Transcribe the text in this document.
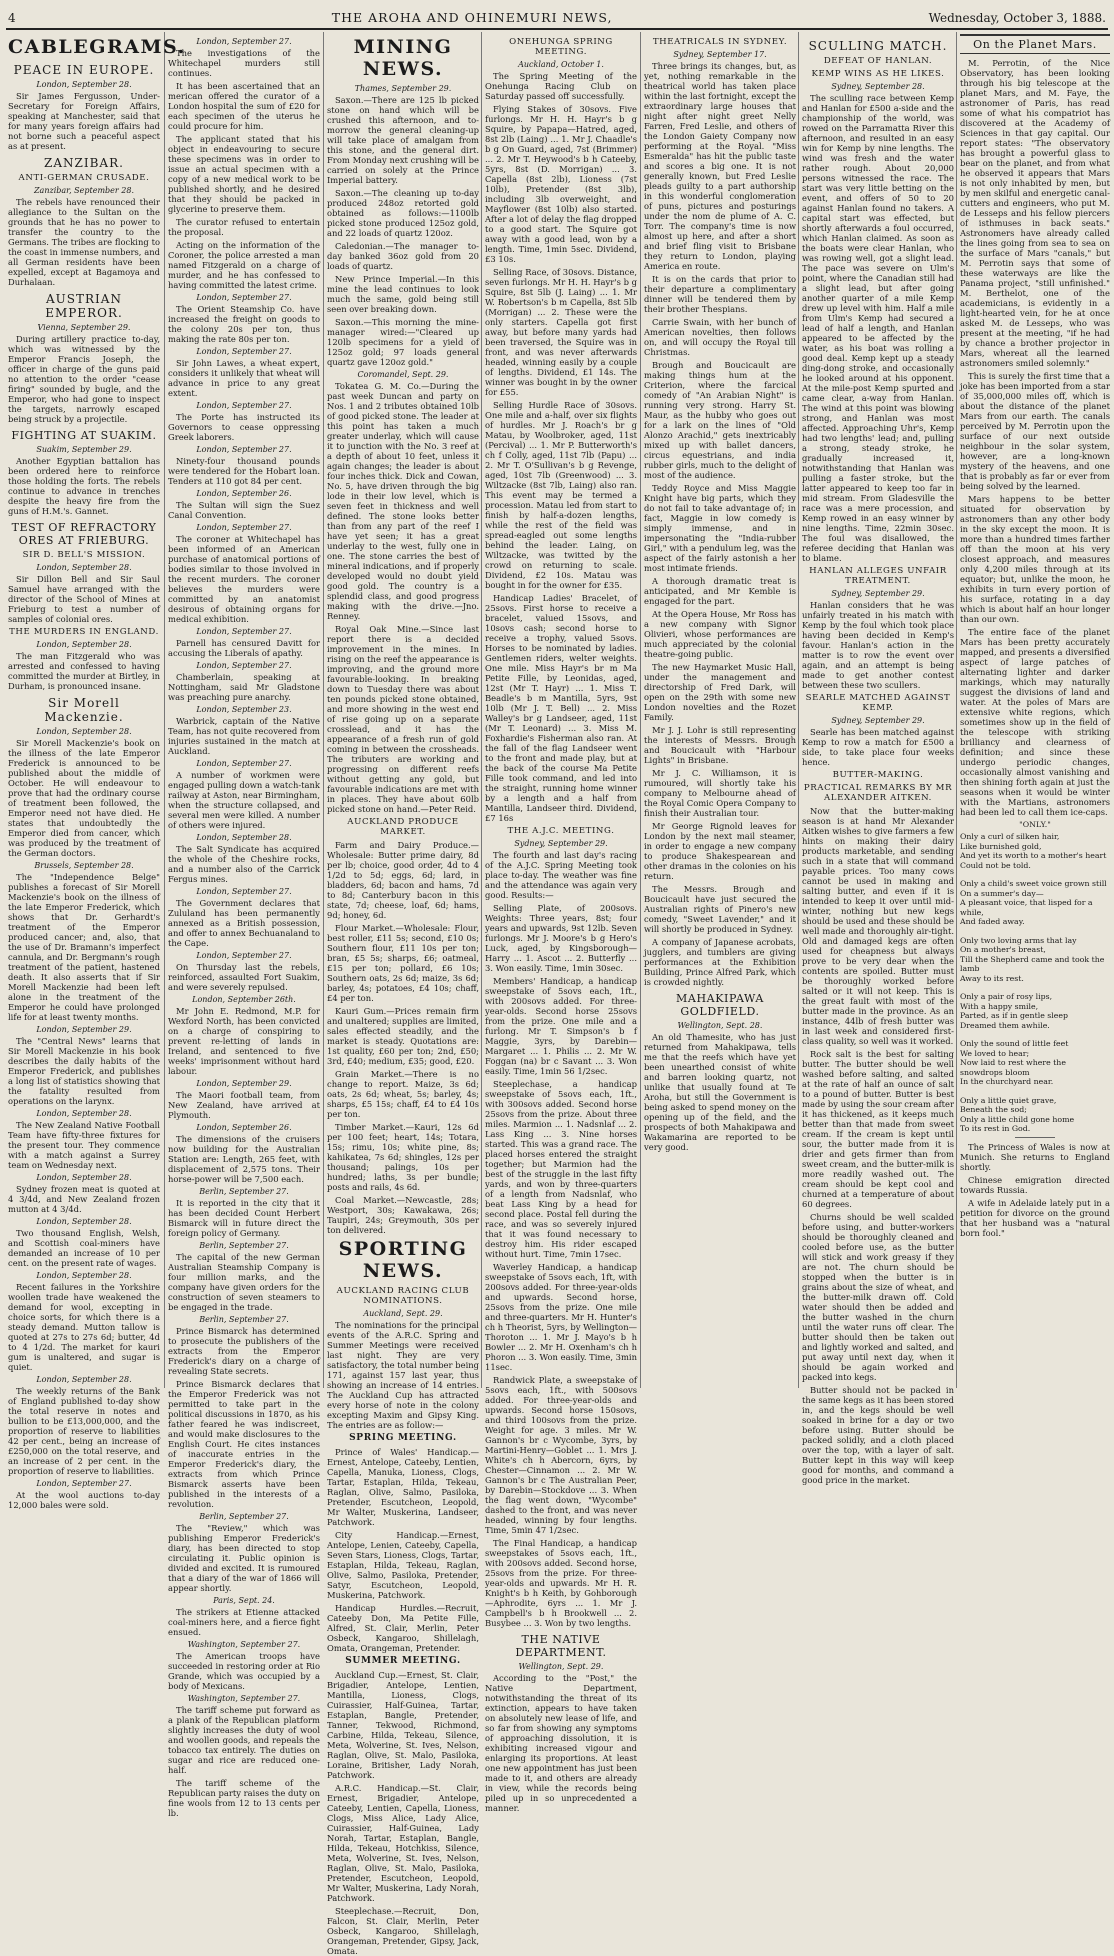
4	THE AROHA AND OHINEMURI NEWS,	Wednesday, October 3, 1888.
CABLEGRAMS.
PEACE IN EUROPE.

London, September 28.

Sir James Fergusson, Under-Secretary for Foreign Affairs, speaking at Manchester, said that for many years foreign affairs had not borne such a peaceful aspect as at present.

ZANZIBAR.
ANTI-GERMAN CRUSADE.

Zanzibar, September 28.

The rebels have renounced their allegiance to the Sultan on the grounds that he has no power to transfer the country to the Germans. The tribes are flocking to the coast in immense numbers, and all German residents have been expelled, except at Bagamoya and Durhalaan.

AUSTRIAN EMPEROR.

Vienna, September 29.

During artillery practice to-day, which was witnessed by the Emperor Francis Joseph, the officer in charge of the guns paid no attention to the order "cease firing" sounded by bugle, and the Emperor, who had gone to inspect the targets, narrowly escaped being struck by a projectile.

FIGHTING AT SUAKIM.

Suakim, September 29.

Another Egyptian battalion has been ordered here to reinforce those holding the forts. The rebels continue to advance in trenches despite the heavy fire from the guns of H.M.'s. Gannet.

TEST OF REFRACTORY ORES AT FRIEBURG.
SIR D. BELL'S MISSION.

London, September 28.

Sir Dillon Bell and Sir Saul Samuel have arranged with the director of the School of Mines at Frieburg to test a number of samples of colonial ores.

THE MURDERS IN ENGLAND.

London, September 28.

The man Fitzgerald who was arrested and confessed to having committed the murder at Birtley, in Durham, is pronounced insane.

Sir Morell Mackenzie.

London, September 28.

Sir Morell Mackenzie's book on the illness of the late Emperor Frederick is announced to be published about the middle of October. He will endeavour to prove that had the ordinary course of treatment been followed, the Emperor need not have died. He states that undoubtedly the Emperor died from cancer, which was produced by the treatment of the German doctors.

Brussels, September 28.

The "Independence Belge" publishes a forecast of Sir Morell Mackenzie's book on the illness of the late Emperor Frederick, which shows that Dr. Gerhardt's treatment of the Emperor produced cancer; and, also, that the use of Dr. Bramann's imperfect cannula, and Dr. Bergmann's rough treatment of the patient, hastened death. It also asserts that if Sir Morell Mackenzie had been left alone in the treatment of the Emperor he could have prolonged life for at least twenty months.

London, September 29.

The "Central News" learns that Sir Morell Mackenzie in his book describes the daily habits of the Emperor Frederick, and publishes a long list of statistics showing that the fatality resulted from operations on the larynx.

London, September 28.

The New Zealand Native Football Team have fifty-three fixtures for the present tour. They commence with a match against a Surrey team on Wednesday next.

London, September 28.

Sydney frozen meat is quoted at 4 3/4d, and New Zealand frozen mutton at 4 3/4d.

London, September 28.

Two thousand English, Welsh, and Scottish coal-miners have demanded an increase of 10 per cent. on the present rate of wages.

London, September 28.

Recent failures in the Yorkshire woollen trade have weakened the demand for wool, excepting in choice sorts, for which there is a steady demand. Mutton tallow is quoted at 27s to 27s 6d; butter, 4d to 4 1/2d. The market for kauri gum is unaltered, and sugar is quiet.

London, September 28.

The weekly returns of the Bank of England published to-day show the total reserve in notes and bullion to be £13,000,000, and the proportion of reserve to liabilities 42 per cent., being an increase of £250,000 on the total reserve, and an increase of 2 per cent. in the proportion of reserve to liabilities.

London, September 27.

At the wool auctions to-day 12,000 bales were sold.

London, September 27.

The investigations of the Whitechapel murders still continues.

It has been ascertained that an merican offered the curator of a London hospital the sum of £20 for each specimen of the uterus he could procure for him.

The applicant stated that his object in endeavouring to secure these specimens was in order to issue an actual specimen with a copy of a new medical work to be published shortly, and he desired that they should be packed in glycerine to preserve them.

The curator refused to entertain the proposal.

Acting on the information of the Coroner, the police arrested a man named Fitzgerald on a charge of murder, and he has confessed to having committed the latest crime.

London, September 27.

The Orient Steamship Co. have increased the freight on goods to the colony 20s per ton, thus making the rate 80s per ton.

London, September 27.

Sir John Lawes, a wheat expert, considers it unlikely that wheat will advance in price to any great extent.

London, September 27.

The Porte has instructed its Governors to cease oppressing Greek laborers.

London, September 27.

Ninety-four thousand pounds were tendered for the Hobart loan. Tenders at 110 got 84 per cent.

London, September 26.

The Sultan will sign the Suez Canal Convention.

London, September 27.

The coroner at Whitechapel has been informed of an American purchase of anatomical portions of bodies similar to those involved in the recent murders. The coroner believes the murders were committed by an anatomist desirous of obtaining organs for medical exhibition.

London, September 27.

Parnell has censured Davitt for accusing the Liberals of apathy.

London, September 27.

Chamberlain, speaking at Nottingham, said Mr Gladstone was preaching pure anarchy.

London, September 23.

Warbrick, captain of the Native Team, has not quite recovered from injuries sustained in the match at Auckland.

London, September 27.

A number of workmen were engaged pulling down a watch-tank railway at Aston, near Birmingham, when the structure collapsed, and several men were killed. A number of others were injured.

London, September 28.

The Salt Syndicate has acquired the whole of the Cheshire rocks, and a number also of the Carrick Fergus mines.

London, September 27.

The Government declares that Zululand has been permanently annexed as a British possession, and offer to annex Bechuanaland to the Cape.

London, September 27.

On Thursday last the rebels, reinforced, assaulted Fort Suakim, and were severely repulsed.

London, September 26th.

Mr John E. Redmond, M.P. for Wexford North, has been convicted on a charge of conspiring to prevent re-letting of lands in Ireland, and sentenced to five weeks' imprisonment without hard labour.

London, September 29.

The Maori football team, from New Zealand, have arrived at Plymouth.

London, September 26.

The dimensions of the cruisers now building for the Australian Station are: Length, 265 feet, with displacement of 2,575 tons. Their horse-power will be 7,500 each.

Berlin, September 27.

It is reported in the city that it has been decided Count Herbert Bismarck will in future direct the foreign policy of Germany.

Berlin, September 27.

The capital of the new German Australian Steamship Company is four million marks, and the company have given orders for the construction of seven steamers to be engaged in the trade.

Berlin, September 27.

Prince Bismarck has determined to prosecute the publishers of the extracts from the Emperor Frederick's diary on a charge of revealing State secrets.

Prince Bismarck declares that the Emperor Frederick was not permitted to take part in the political discussions in 1870, as his father feared he was indiscreet, and would make disclosures to the English Court. He cites instances of inaccurate entries in the Emperor Frederick's diary, the extracts from which Prince Bismarck asserts have been published in the interests of a revolution.

Berlin, September 27.

The "Review," which was publishing Emperor Frederick's diary, has been directed to stop circulating it. Public opinion is divided and excited. It is rumoured that a diary of the war of 1866 will appear shortly.

Paris, Sept. 24.

The strikers at Etienne attacked coal-miners here, and a fierce fight ensued.

Washington, September 27.

The American troops have succeeded in restoring order at Rio Grande, which was occupied by a body of Mexicans.

Washington, September 27.

The tariff scheme put forward as a plank of the Republican platform slightly increases the duty of wool and woollen goods, and repeals the tobacco tax entirely. The duties on sugar and rice are reduced one-half.

The tariff scheme of the Republican party raises the duty on fine wools from 12 to 13 cents per lb.

MINING NEWS.

Thames, September 29.

Saxon.—There are 125 lb picked stone on hand which will be crushed this afternoon, and to-morrow the general cleaning-up will take place of amalgam from this stone, and the general dirt. From Monday next crushing will be carried on solely at the Prince Imperial battery.

Saxon.—The cleaning up to-day produced 248oz retorted gold obtained as follows:—1100lb picked stone produced 125oz gold, and 22 loads of quartz 120oz.

Caledonian.—The manager to-day banked 36oz gold from 20 loads of quartz.

New Prince Imperial.—In this mine the lead continues to look much the same, gold being still seen over breaking down.

Saxon.—This morning the mine-manager wired:—"Cleared up 120lb specimens for a yield of 125oz gold; 97 loads general quartz gave 120oz gold."

Coromandel, Sept. 29.

Tokatea G. M. Co.—During the past week Duncan and party on Nos. 1 and 2 tributes obtained 10lb of good picked stone. The leader at this point has taken a much greater underlay, which will cause it to junction with the No. 3 reef at a depth of about 10 feet, unless it again changes; the leader is about four inches thick. Dick and Cowan, No. 5, have driven through the big lode in their low level, which is seven feet in thickness and well defined. The stone looks better than from any part of the reef I have yet seen; it has a great underlay to the west, fully one in one. The stone carries the best of mineral indications, and if properly developed would no doubt yield good gold. The country is a splendid class, and good progress making with the drive.—Jno. Renney.

Royal Oak Mine.—Since last report there is a decided improvement in the mines. In rising on the reef the appearance is improving, and the ground more favourable-looking. In breaking down to Tuesday there was about ten pounds picked stone obtained, and more showing in the west end of rise going up on a separate crosslead, and it has the appearance of a fresh run of gold coming in between the crossheads. The tributers are working and progressing on different reefs without getting any gold, but favourable indications are met with in places. They have about 60lb picked stone on hand.—Peter Reid.

AUCKLAND PRODUCE MARKET.

Farm and Dairy Produce.—Wholesale: Butter prime dairy, 8d per lb; choice, good order, 4d to 4 1/2d to 5d; eggs, 6d; lard, in bladders, 6d; bacon and hams, 7d to 8d; Canterbury bacon in this state, 7d; cheese, loaf, 6d; hams, 9d; honey, 6d.

Flour Market.—Wholesale: Flour, best roller, £11 5s; second, £10 0s; Southern flour, £11 10s per ton; bran, £5 5s; sharps, £6; oatmeal, £15 per ton; pollard, £6 10s; Southern oats, 2s 6d; maize, 3s 6d; barley, 4s; potatoes, £4 10s; chaff, £4 per ton.

Kauri Gum.—Prices remain firm and unaltered; supplies are limited, sales effected steadily, and the market is steady. Quotations are: 1st quality, £60 per ton; 2nd, £50; 3rd, £40; medium, £35; good, £20.

Grain Market.—There is no change to report. Maize, 3s 6d; oats, 2s 6d; wheat, 5s; barley, 4s; sharps, £5 15s; chaff, £4 to £4 10s per ton.

Timber Market.—Kauri, 12s 6d per 100 feet; heart, 14s; Totara, 15s; rimu, 10s; white pine, 8s; kahikatea, 7s 6d; shingles, 12s per thousand; palings, 10s per hundred; laths, 3s per bundle; posts and rails, 4s 6d.

Coal Market.—Newcastle, 28s; Westport, 30s; Kawakawa, 26s; Taupiri, 24s; Greymouth, 30s per ton delivered.

SPORTING NEWS.
AUCKLAND RACING CLUB NOMINATIONS.

Auckland, Sept. 29.

The nominations for the principal events of the A.R.C. Spring and Summer Meetings were received last night. They are very satisfactory, the total number being 171, against 157 last year, thus showing an increase of 14 entries. The Auckland Cup has attracted every horse of note in the colony excepting Maxim and Gipsy King. The entries are as follow:—

SPRING MEETING.

Prince of Wales' Handicap.—Ernest, Antelope, Cateeby, Lentien, Capella, Manuka, Lioness, Clogs, Tartar, Estaplan, Hilda, Tekeau, Raglan, Olive, Salmo, Pasiloka, Pretender, Escutcheon, Leopold, Mr Walter, Muskerina, Landseer, Patchwork.

City Handicap.—Ernest, Antelope, Lenien, Cateeby, Capella, Seven Stars, Lioness, Clogs, Tartar, Estaplan, Hilda, Tekeau, Raglan, Olive, Salmo, Pasiloka, Pretender, Satyr, Escutcheon, Leopold, Muskerina, Patchwork.

Handicap Hurdles.—Recruit, Cateeby Don, Ma Petite Fille, Alfred, St. Clair, Merlin, Peter Osbeck, Kangaroo, Shillelagh, Omata, Orangeman, Pretender.

SUMMER MEETING.

Auckland Cup.—Ernest, St. Clair, Brigadier, Antelope, Lentien, Mantilla, Lioness, Clogs, Cuirassier, Half-Guinea, Tartar, Estaplan, Bangle, Pretender, Tanner, Tekwood, Richmond, Carbine, Hilda, Tekeau, Silence, Meta, Wolverine, St. Ives, Nelson, Raglan, Olive, St. Malo, Pasiloka, Loraine, Britisher, Lady Norah, Patchwork.

A.R.C. Handicap.—St. Clair, Ernest, Brigadier, Antelope, Cateeby, Lentien, Capella, Lioness, Clogs, Miss Alice, Lady Alice, Cuirassier, Half-Guinea, Lady Norah, Tartar, Estaplan, Bangle, Hilda, Tekeau, Hotchkiss, Silence, Meta, Wolverine, St. Ives, Nelson, Raglan, Olive, St. Malo, Pasiloka, Pretender, Escutcheon, Leopold, Mr Walter, Muskerina, Lady Norah, Patchwork.

Steeplechase.—Recruit, Don, Falcon, St. Clair, Merlin, Peter Osbeck, Kangaroo, Shillelagh, Orangeman, Pretender, Gipsy, Jack, Omata.

ONEHUNGA SPRING MEETING.

Auckland, October 1.

The Spring Meeting of the Onehunga Racing Club on Saturday passed off successfully.

Flying Stakes of 30sovs. Five furlongs. Mr H. H. Hayr's b g Squire, by Papapa—Hatred, aged, 8st 2lb (Laing) ... 1. Mr J. Chaadle's b g On Guard, aged, 7st (Brimmer) ... 2. Mr T. Heywood's b h Cateeby, 5yrs, 8st (D. Morrigan) ... 3. Capella (8st 2lb), Lioness (7st 10lb), Pretender (8st 3lb), including 3lb overweight, and Mayflower (8st 10lb) also started. After a lot of delay the flag dropped to a good start. The Squire got away with a good lead, won by a length. Time, 1min 5sec. Dividend, £3 10s.

Selling Race, of 30sovs. Distance, seven furlongs. Mr H. H. Hayr's b g Squire, 8st 5lb (J. Laing) ... 1. Mr W. Robertson's b m Capella, 8st 5lb (Morrigan) ... 2. These were the only starters. Capella got first away, but before many yards had been traversed, the Squire was in front, and was never afterwards headed, winning easily by a couple of lengths. Dividend, £1 14s. The winner was bought in by the owner for £55.

Selling Hurdle Race of 30sovs. One mile and a-half, over six flights of hurdles. Mr J. Roach's br g Matau, by Woolbroker, aged, 11st (Percival) ... 1. Mr P. Butterworth's ch f Colly, aged, 11st 7lb (Papu) ... 2. Mr T. O'Sullivan's b g Revenge, aged, 10st 7lb (Greenwood) ... 3. Wiltzacke (8st 7lb, Laing) also ran. This event may be termed a procession. Matau led from start to finish by half-a-dozen lengths, while the rest of the field was spread-eagled out some lengths behind the leader. Laing, on Wiltzacke, was twitted by the crowd on returning to scale. Dividend, £2 10s. Matau was bought in for the owner for £35.

Handicap Ladies' Bracelet, of 25sovs. First horse to receive a bracelet, valued 15sovs, and 10sovs cash; second horse to receive a trophy, valued 5sovs. Horses to be nominated by ladies. Gentlemen riders, welter weights. One mile. Miss Hayr's br m Ma Petite Fille, by Leonidas, aged, 12st (Mr T. Hayr) ... 1. Miss T. Beadle's b m Mantilla, 5yrs, 9st 10lb (Mr J. T. Bell) ... 2. Miss Walley's br g Landseer, aged, 11st (Mr T. Leonard) ... 3. Miss M. Foxhardie's Fisherman also ran. At the fall of the flag Landseer went to the front and made play, but at the back of the course Ma Petite Fille took command, and led into the straight, running home winner by a length and a half from Mantilla, Landseer third. Dividend, £7 16s

THE A.J.C. MEETING.

Sydney, September 29.

The fourth and last day's racing of the A.J.C. Spring Meeting took place to-day. The weather was fine and the attendance was again very good. Results:—

Selling Plate, of 200sovs. Weights: Three years, 8st; four years and upwards, 9st 12lb. Seven furlongs. Mr J. Moore's b g Hero's Luck, aged, by Kingsborough—Harry ... 1. Ascot ... 2. Butterfly ... 3. Won easily. Time, 1min 30sec.

Members' Handicap, a handicap sweepstake of 5sovs each, 1ft., with 200sovs added. For three-year-olds. Second horse 25sovs from the prize. One mile and a furlong. Mr T. Simpson's b f Maggie, 3yrs, by Darebin—Margaret ... 1. Philis ... 2. Mr W. Foggan (na) br c Savant ... 3. Won easily. Time, 1min 56 1/2sec.

Steeplechase, a handicap sweepstake of 5sovs each, 1ft., with 300sovs added. Second horse 25sovs from the prize. About three miles. Marmion ... 1. Nadsnlaf ... 2. Lass King ... 3. Nine horses started. This was a grand race. The placed horses entered the straight together; but Marmion had the best of the struggle in the last fifty yards, and won by three-quarters of a length from Nadsnlaf, who beat Lass King by a head for second place. Postal fell during the race, and was so severely injured that it was found necessary to destroy him. His rider escaped without hurt. Time, 7min 17sec.

Waverley Handicap, a handicap sweepstake of 5sovs each, 1ft, with 200sovs added. For three-year-olds and upwards. Second horse, 25sovs from the prize. One mile and three-quarters. Mr H. Hunter's ch h Theorist, 5yrs, by Wellington—Thoroton ... 1. Mr J. Mayo's b h Bowler ... 2. Mr H. Oxenham's ch h Phoron ... 3. Won easily. Time, 3min 11sec.

Randwick Plate, a sweepstake of 5sovs each, 1ft., with 500sovs added. For three-year-olds and upwards. Second horse 150sovs, and third 100sovs from the prize. Weight for age. 3 miles. Mr W. Gannon's br c Wycombe, 3yrs, by Martini-Henry—Goblet ... 1. Mrs J. White's ch h Abercorn, 6yrs, by Chester—Cinnamon ... 2. Mr W. Gannon's br c The Australian Peer, by Darebin—Stockdove ... 3. When the flag went down, "Wycombe" dashed to the front, and was never headed, winning by four lengths. Time, 5min 47 1/2sec.

The Final Handicap, a handicap sweepstakes of 5sovs each, 1ft., with 200sovs added. Second horse, 25sovs from the prize. For three-year-olds and upwards. Mr H. R. Knight's b h Keith, by Gohborough—Aphrodite, 6yrs ... 1. Mr J. Campbell's b h Brookwell ... 2. Busybee ... 3. Won by two lengths.

THE NATIVE DEPARTMENT.

Wellington, Sept. 29.

According to the "Post," the Native Department, notwithstanding the threat of its extinction, appears to have taken on absolutely new lease of life, and so far from showing any symptoms of approaching dissolution, it is exhibiting increased vigour and enlarging its proportions. At least one new appointment has just been made to it, and others are already in view, while the records being piled up in so unprecedented a manner.

THEATRICALS IN SYDNEY.

Sydney, September 17.

Three brings its changes, but, as yet, nothing remarkable in the theatrical world has taken place within the last fortnight, except the extraordinary large houses that night after night greet Nelly Farren, Fred Leslie, and others of the London Gaiety Company now performing at the Royal. "Miss Esmeralda" has hit the public taste and scores a big one. It is not generally known, but Fred Leslie pleads guilty to a part authorship in this wonderful conglomeration of puns, pictures and posturings under the nom de plume of A. C. Torr. The company's time is now almost up here, and after a short and brief fling visit to Brisbane they return to London, playing America en route.

It is on the cards that prior to their departure a complimentary dinner will be tendered them by their brother Thespians.

Carrie Swain, with her bunch of American novelties, then follows on, and will occupy the Royal till Christmas.

Brough and Boucicault are making things hum at the Criterion, where the farcical comedy of "An Arabian Night" is running very strong. Harry St. Maur, as the hubby who goes out for a lark on the lines of "Old Alonzo Arachid," gets inextricably mixed up with ballet dancers, circus equestrians, and india rubber girls, much to the delight of most of the audience.

Teddy Royce and Miss Maggie Knight have big parts, which they do not fail to take advantage of; in fact, Maggie in low comedy is simply immense, and in impersonating the "India-rubber Girl," with a pendulum leg, was the aspect of the fairly astonish a her most intimate friends.

A thorough dramatic treat is anticipated, and Mr Kemble is engaged for the part.

At the Opera House, Mr Ross has a new company with Signor Olivieri, whose performances are much appreciated by the colonial theatre-going public.

The new Haymarket Music Hall, under the management and directorship of Fred Dark, will open on the 29th with some new London novelties and the Rozet Family.

Mr J. J. Lohr is still representing the interests of Messrs. Brough and Boucicault with "Harbour Lights" in Brisbane.

Mr J. C. Williamson, it is rumoured, will shortly take his company to Melbourne ahead of the Royal Comic Opera Company to finish their Australian tour.

Mr George Rignold leaves for London by the next mail steamer, in order to engage a new company to produce Shakespearean and other dramas in the colonies on his return.

The Messrs. Brough and Boucicault have just secured the Australian rights of Pinero's new comedy, "Sweet Lavender," and it will shortly be produced in Sydney.

A company of Japanese acrobats, jugglers, and tumblers are giving performances at the Exhibition Building, Prince Alfred Park, which is crowded nightly.

MAHAKIPAWA GOLDFIELD.

Wellington, Sept. 28.

An old Thamesite, who has just returned from Mahakipawa, tells me that the reefs which have yet been unearthed consist of white and barren looking quartz, not unlike that usually found at Te Aroha, but still the Government is being asked to spend money on the opening up of the field, and the prospects of both Mahakipawa and Wakamarina are reported to be very good.

SCULLING MATCH.
DEFEAT OF HANLAN.
KEMP WINS AS HE LIKES.

Sydney, September 28.

The sculling race between Kemp and Hanlan for £500 a-side and the championship of the world, was rowed on the Parramatta River this afternoon, and resulted in an easy win for Kemp by nine lengths. The wind was fresh and the water rather rough. About 20,000 persons witnessed the race. The start was very little betting on the event, and offers of 50 to 20 against Hanlan found no takers. A capital start was effected, but shortly afterwards a foul occurred, which Hanlan claimed. As soon as the boats were clear Hanlan, who was rowing well, got a slight lead. The pace was severe on Ulm's point, where the Canadian still had a slight lead, but after going another quarter of a mile Kemp drew up level with him. Half a mile from Ulm's Kemp had secured a lead of half a length, and Hanlan appeared to be affected by the water, as his boat was rolling a good deal. Kemp kept up a steady ding-dong stroke, and occasionally he looked around at his opponent. At the mile-post Kemp spurted and came clear, a-way from Hanlan. The wind at this point was blowing strong, and Hanlan was most affected. Approaching Uhr's, Kemp had two lengths' lead; and, pulling a strong, steady stroke, he gradually increased it, notwithstanding that Hanlan was pulling a faster stroke, but the latter appeared to keep too far in mid stream. From Gladesville the race was a mere procession, and Kemp rowed in an easy winner by nine lengths. Time, 22min 30sec. The foul was disallowed, the referee deciding that Hanlan was to blame.

HANLAN ALLEGES UNFAIR TREATMENT.

Sydney, September 29.

Hanlan considers that he was unfairly treated in his match with Kemp by the foul which took place having been decided in Kemp's favour. Hanlan's action in the matter is to row the event over again, and an attempt is being made to get another contest between these two scullers.

SEARLE MATCHED AGAINST KEMP.

Sydney, September 29.

Searle has been matched against Kemp to row a match for £500 a side, to take place four weeks hence.

BUTTER-MAKING.
PRACTICAL REMARKS BY MR ALEXANDER AITKEN.

Now that the butter-making season is at hand Mr Alexander Aitken wishes to give farmers a few hints on making their dairy products marketable, and sending such in a state that will command payable prices. Too many cows cannot be used in making and salting butter, and even if it is intended to keep it over until mid-winter, nothing but new kegs should be used and these should be well made and thoroughly air-tight. Old and damaged kegs are often used for cheapness but always prove to be very dear when the contents are spoiled. Butter must be thoroughly worked before salted or it will not keep. This is the great fault with most of the butter made in the province. As an instance, 44lb of fresh butter was in last week and considered first-class quality, so well was it worked.

Rock salt is the best for salting butter. The butter should be well washed before salting, and salted at the rate of half an ounce of salt to a pound of butter. Butter is best made by using the sour cream after it has thickened, as it keeps much better than that made from sweet cream. If the cream is kept until sour, the butter made from it is drier and gets firmer than from sweet cream, and the butter-milk is more readily washed out. The cream should be kept cool and churned at a temperature of about 60 degrees.

Churns should be well scalded before using, and butter-workers should be thoroughly cleaned and cooled before use, as the butter will stick and work greasy if they are not. The churn should be stopped when the butter is in grains about the size of wheat, and the butter-milk drawn off. Cold water should then be added and the butter washed in the churn until the water runs off clear. The butter should then be taken out and lightly worked and salted, and put away until next day, when it should be again worked and packed into kegs.

Butter should not be packed in the same kegs as it has been stored in, and the kegs should be well soaked in brine for a day or two before using. Butter should be packed solidly, and a cloth placed over the top, with a layer of salt. Butter kept in this way will keep good for months, and command a good price in the market.

On the Planet Mars.

M. Perrotin, of the Nice Observatory, has been looking through his big telescope at the planet Mars, and M. Faye, the astronomer of Paris, has read some of what his compatriot has discovered at the Academy of Sciences in that gay capital. Our report states: "The observatory has brought a powerful glass to bear on the planet, and from what he observed it appears that Mars is not only inhabited by men, but by men skilful and energetic canal-cutters and engineers, who put M. de Lesseps and his fellow piercers of isthmuses in back seats." Astronomers have already called the lines going from sea to sea on the surface of Mars "canals," but M. Perrotin says that some of these waterways are like the Panama project, "still unfinished." M. Berthelot, one of the academicians, is evidently in a light-hearted vein, for he at once asked M. de Lesseps, who was present at the meeting, "if he had by chance a brother projector in Mars, whereat all the learned astronomers smiled solemnly."

This is surely the first time that a joke has been imported from a star of 35,000,000 miles off, which is about the distance of the planet Mars from our earth. The canals perceived by M. Perrotin upon the surface of our next outside neighbour in the solar system, however, are a long-known mystery of the heavens, and one that is probably as far or ever from being solved by the learned.

Mars happens to be better situated for observation by astronomers than any other body in the sky except the moon. It is more than a hundred times farther off than the moon at his very closest approach, and measures only 4,200 miles through at its equator; but, unlike the moon, he exhibits in turn every portion of his surface, rotating in a day which is about half an hour longer than our own.

The entire face of the planet Mars has been pretty accurately mapped, and presents a diversified aspect of large patches of alternating lighter and darker markings, which may naturally suggest the divisions of land and water. At the poles of Mars are extensive white regions, which sometimes show up in the field of the telescope with striking brilliancy and clearness of definition; and since these undergo periodic changes, occasionally almost vanishing and then shining forth again at just the seasons when it would be winter with the Martians, astronomers had been led to call them ice-caps.

"ONLY."

Only a curl of silken hair,

Like burnished gold,

And yet its worth to a mother's heart

Could not be told.

Only a child's sweet voice grown still

On a summer's day—

A pleasant voice, that lisped for a while,

And faded away.

Only two loving arms that lay

On a mother's breast,

Till the Shepherd came and took the lamb

Away to its rest.

Only a pair of rosy lips,

With a happy smile,

Parted, as if in gentle sleep

Dreamed them awhile.

Only the sound of little feet

We loved to hear;

Now laid to rest where the snowdrops bloom

In the churchyard near.

Only a little quiet grave,

Beneath the sod;

Only a little child gone home

To its rest in God.

The Princess of Wales is now at Munich. She returns to England shortly.

Chinese emigration directed towards Russia.

A wife in Adelaide lately put in a petition for divorce on the ground that her husband was a "natural born fool."
